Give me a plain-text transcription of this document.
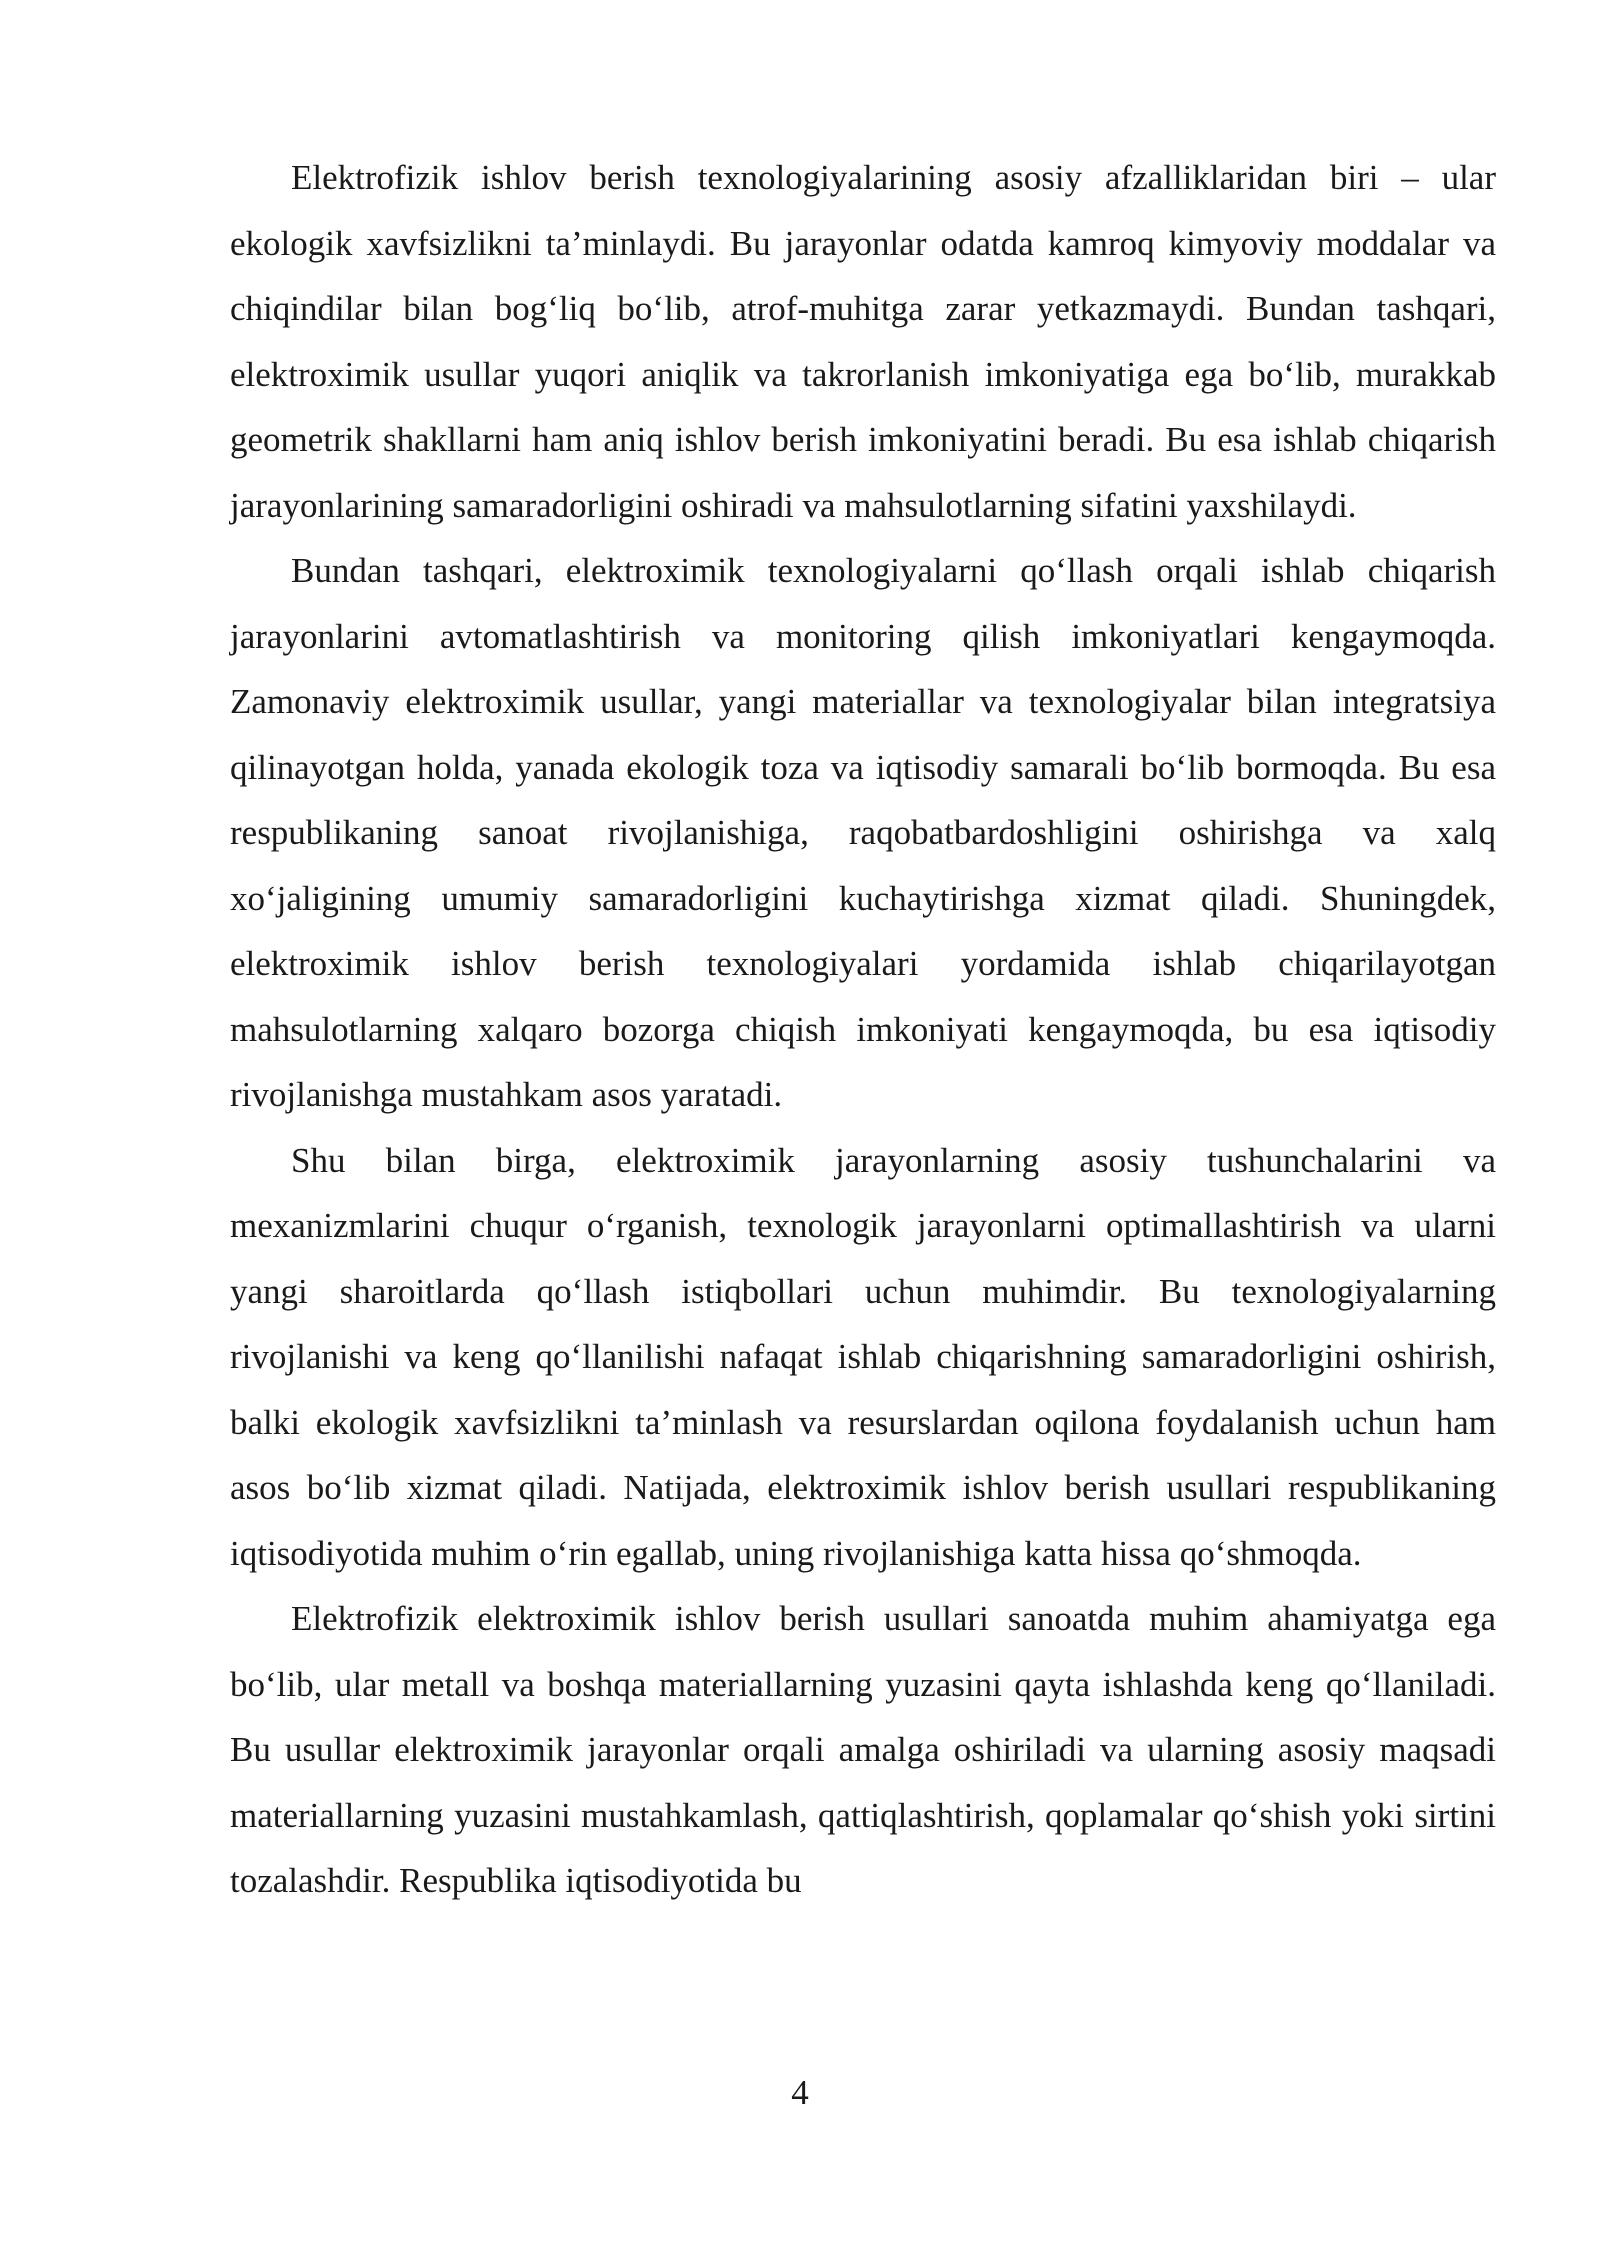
Elektrofizik ishlov berish texnologiyalarining asosiy afzalliklaridan biri – ular ekologik xavfsizlikni ta’minlaydi. Bu jarayonlar odatda kamroq kimyoviy moddalar va chiqindilar bilan bog‘liq bo‘lib, atrof-muhitga zarar yetkazmaydi. Bundan tashqari, elektroximik usullar yuqori aniqlik va takrorlanish imkoniyatiga ega bo‘lib, murakkab geometrik shakllarni ham aniq ishlov berish imkoniyatini beradi. Bu esa ishlab chiqarish jarayonlarining samaradorligini oshiradi va mahsulotlarning sifatini yaxshilaydi.

Bundan tashqari, elektroximik texnologiyalarni qo‘llash orqali ishlab chiqarish jarayonlarini avtomatlashtirish va monitoring qilish imkoniyatlari kengaymoqda. Zamonaviy elektroximik usullar, yangi materiallar va texnologiyalar bilan integratsiya qilinayotgan holda, yanada ekologik toza va iqtisodiy samarali bo‘lib bormoqda. Bu esa respublikaning sanoat rivojlanishiga, raqobatbardoshligini oshirishga va xalq xo‘jaligining umumiy samaradorligini kuchaytirishga xizmat qiladi. Shuningdek, elektroximik ishlov berish texnologiyalari yordamida ishlab chiqarilayotgan mahsulotlarning xalqaro bozorga chiqish imkoniyati kengaymoqda, bu esa iqtisodiy rivojlanishga mustahkam asos yaratadi.

Shu bilan birga, elektroximik jarayonlarning asosiy tushunchalarini va mexanizmlarini chuqur o‘rganish, texnologik jarayonlarni optimallashtirish va ularni yangi sharoitlarda qo‘llash istiqbollari uchun muhimdir. Bu texnologiyalarning rivojlanishi va keng qo‘llanilishi nafaqat ishlab chiqarishning samaradorligini oshirish, balki ekologik xavfsizlikni ta’minlash va resurslardan oqilona foydalanish uchun ham asos bo‘lib xizmat qiladi. Natijada, elektroximik ishlov berish usullari respublikaning iqtisodiyotida muhim o‘rin egallab, uning rivojlanishiga katta hissa qo‘shmoqda.

Elektrofizik elektroximik ishlov berish usullari sanoatda muhim ahamiyatga ega bo‘lib, ular metall va boshqa materiallarning yuzasini qayta ishlashda keng qo‘llaniladi. Bu usullar elektroximik jarayonlar orqali amalga oshiriladi va ularning asosiy maqsadi materiallarning yuzasini mustahkamlash, qattiqlashtirish, qoplamalar qo‘shish yoki sirtini tozalashdir. Respublika iqtisodiyotida bu

4
